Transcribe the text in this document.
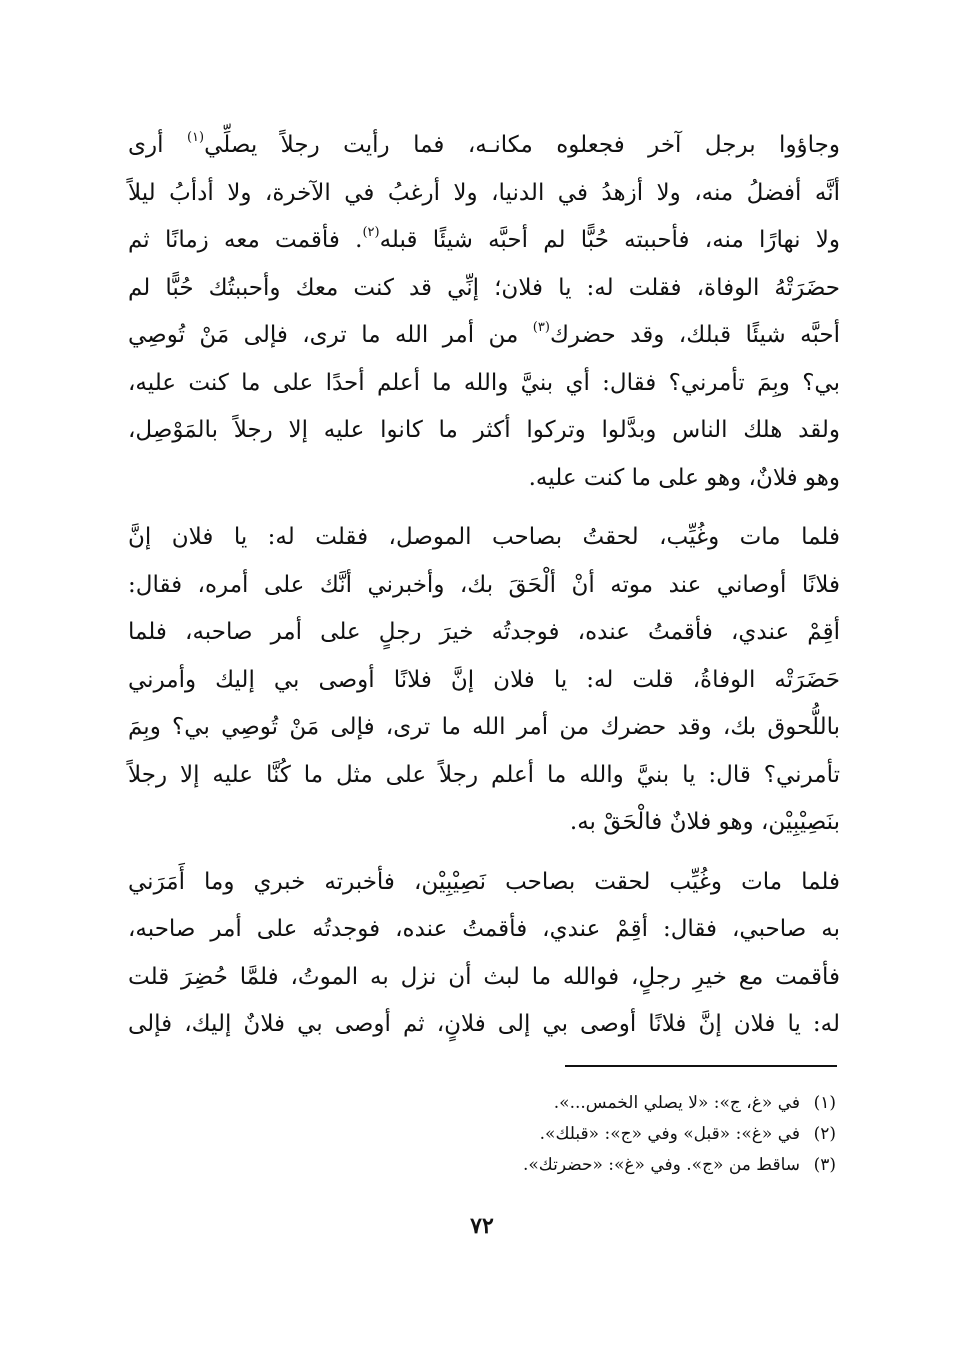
وجاؤوا برجل آخر فجعلوه مكانـه، فما رأيت رجلاً يصلِّي$^{(١)}$ أرى
أنَّه أفضلُ منه، ولا أزهدُ في الدنيا، ولا أرغبُ في الآخرة، ولا أدأبُ ليلاً
ولا نهارًا منه، فأحببته حُبًّا لم أحبَّه شيئًا قبله$^{(٢)}$. فأقمت معه زمانًا ثم
حضَرَتْهُ الوفاة، فقلت له: يا فلان؛ إنِّي قد كنت معك وأحببتُك حُبًّا لم
أحبَّه شيئًا قبلك، وقد حضرك$^{(٣)}$ من أمر الله ما ترى، فإلى مَنْ تُوصِي
بي؟ وبِمَ تأمرني؟ فقال: أي بنيَّ والله ما أعلم أحدًا على ما كنت عليه،
ولقد هلك الناس وبدَّلوا وتركوا أكثر ما كانوا عليه إلا رجلاً بالمَوْصِل،
وهو فلانٌ، وهو على ما كنت عليه.

فلما مات وغُيِّب، لحقتُ بصاحب الموصل، فقلت له: يا فلان إنَّ
فلانًا أوصاني عند موته أنْ ألْحَقَ بك، وأخبرني أنَّك على أمره، فقال:
أقِمْ عندي، فأقمتُ عنده، فوجدتُه خيرَ رجلٍ على أمر صاحبه، فلما
حَضَرَتْه الوفاةُ، قلت له: يا فلان إنَّ فلانًا أوصى بي إليك وأمرني
باللُّحوق بك، وقد حضرك من أمر الله ما ترى، فإلى مَنْ تُوصِي بي؟ وبِمَ
تأمرني؟ قال: يا بنيَّ والله ما أعلم رجلاً على مثل ما كُنَّا عليه إلا رجلاً
بنَصِيْبِيْن، وهو فلانٌ فالْحَقْ به.

فلما مات وغُيِّب لحقت بصاحب نَصِيْبِيْن، فأخبرته خبري وما أَمَرَني
به صاحبي، فقال: أقِمْ عندي، فأقمتُ عنده، فوجدتُه على أمر صاحبه،
فأقمت مع خيرِ رجلٍ، فوالله ما لبث أن نزل به الموتُ، فلمَّا حُضِرَ قلت
له: يا فلان إنَّ فلانًا أوصى بي إلى فلانٍ، ثم أوصى بي فلانٌ إليك، فإلى

(١)في «غ، ج»: «لا يصلي الخمس...».
(٢)في «غ»: «قبل» وفي «ج»: «قبلك».
(٣)ساقط من «ج». وفي «غ»: «حضرتك».
٧٢
